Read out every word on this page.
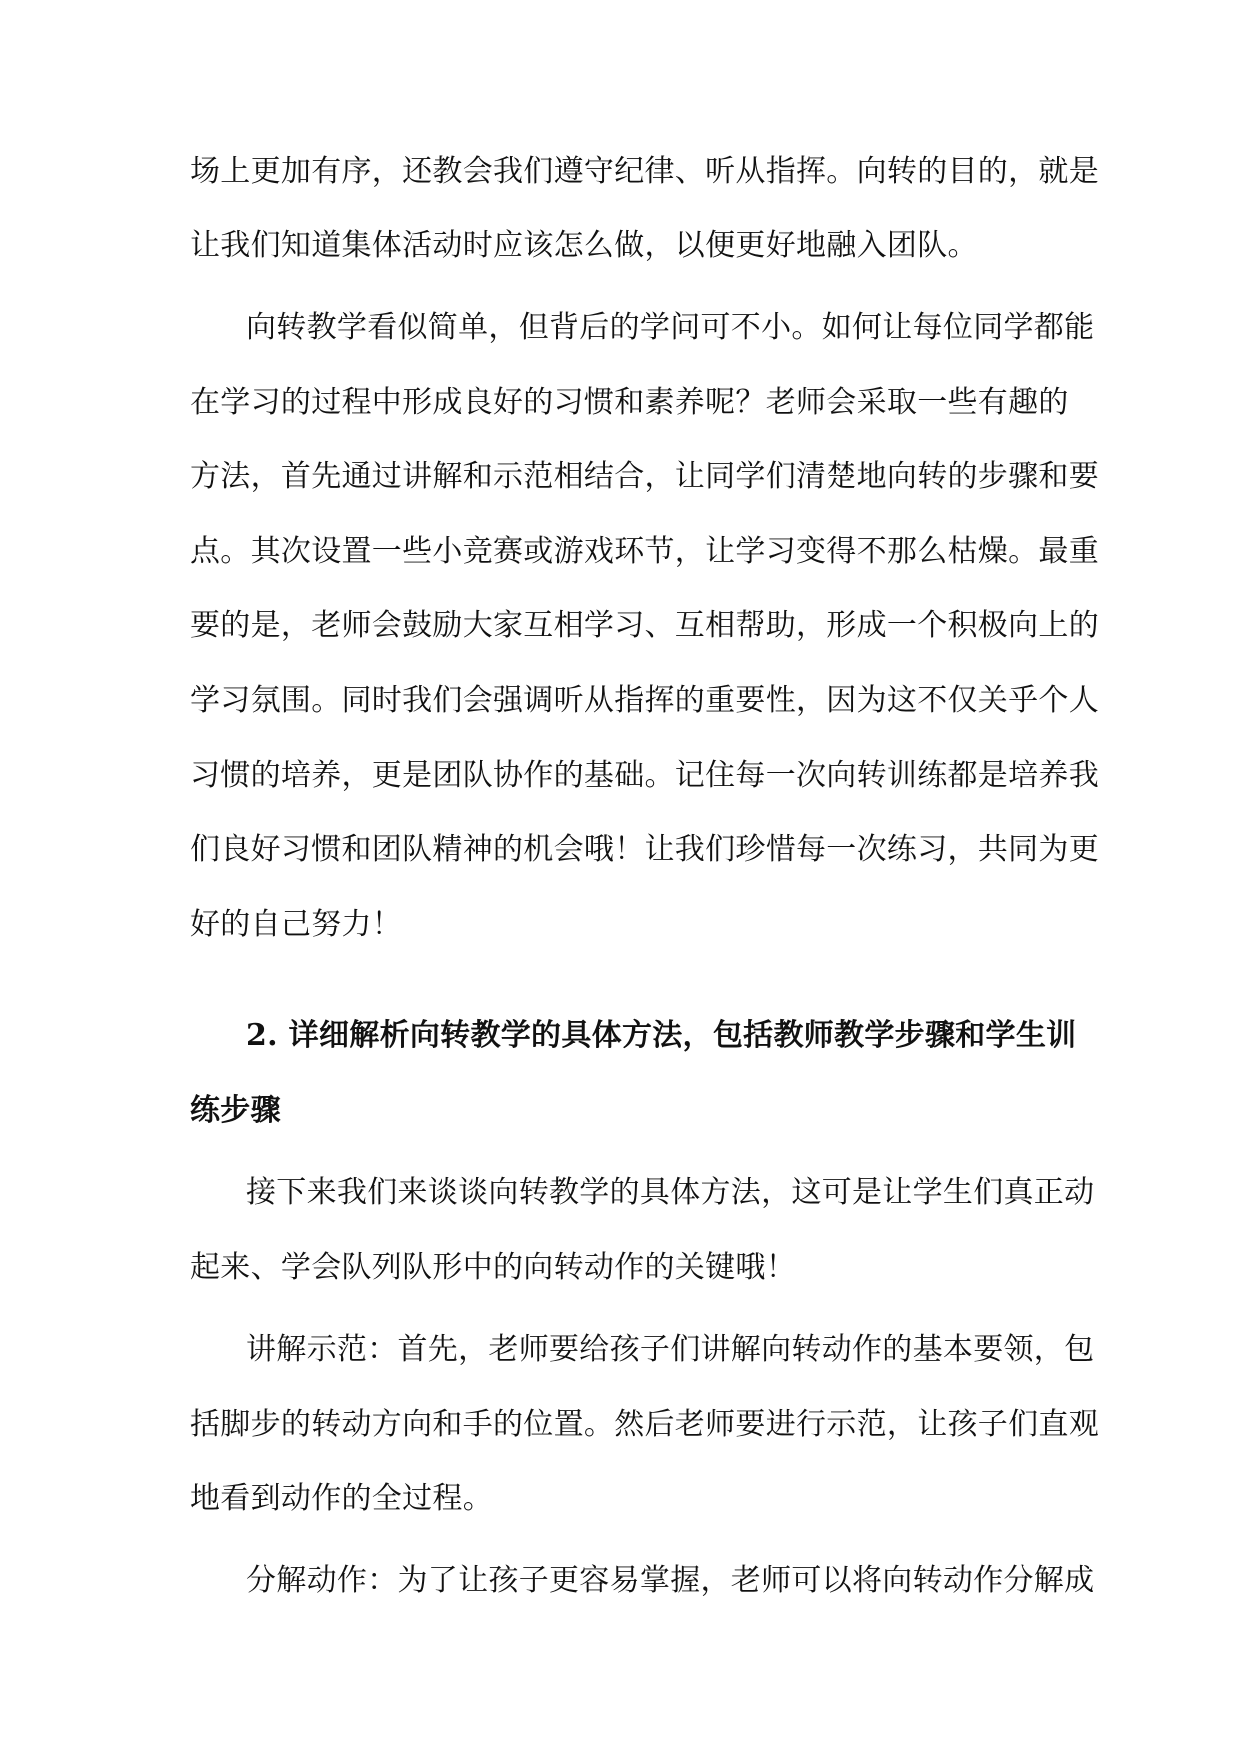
场上更加有序，还教会我们遵守纪律、听从指挥。向转的目的，就是
让我们知道集体活动时应该怎么做，以便更好地融入团队。
向转教学看似简单，但背后的学问可不小。如何让每位同学都能
在学习的过程中形成良好的习惯和素养呢？老师会采取一些有趣的
方法，首先通过讲解和示范相结合，让同学们清楚地向转的步骤和要
点。其次设置一些小竞赛或游戏环节，让学习变得不那么枯燥。最重
要的是，老师会鼓励大家互相学习、互相帮助，形成一个积极向上的
学习氛围。同时我们会强调听从指挥的重要性，因为这不仅关乎个人
习惯的培养，更是团队协作的基础。记住每一次向转训练都是培养我
们良好习惯和团队精神的机会哦！让我们珍惜每一次练习，共同为更
好的自己努力！
2. 详细解析向转教学的具体方法，包括教师教学步骤和学生训
练步骤
接下来我们来谈谈向转教学的具体方法，这可是让学生们真正动
起来、学会队列队形中的向转动作的关键哦！
讲解示范：首先，老师要给孩子们讲解向转动作的基本要领，包
括脚步的转动方向和手的位置。然后老师要进行示范，让孩子们直观
地看到动作的全过程。
分解动作：为了让孩子更容易掌握，老师可以将向转动作分解成
